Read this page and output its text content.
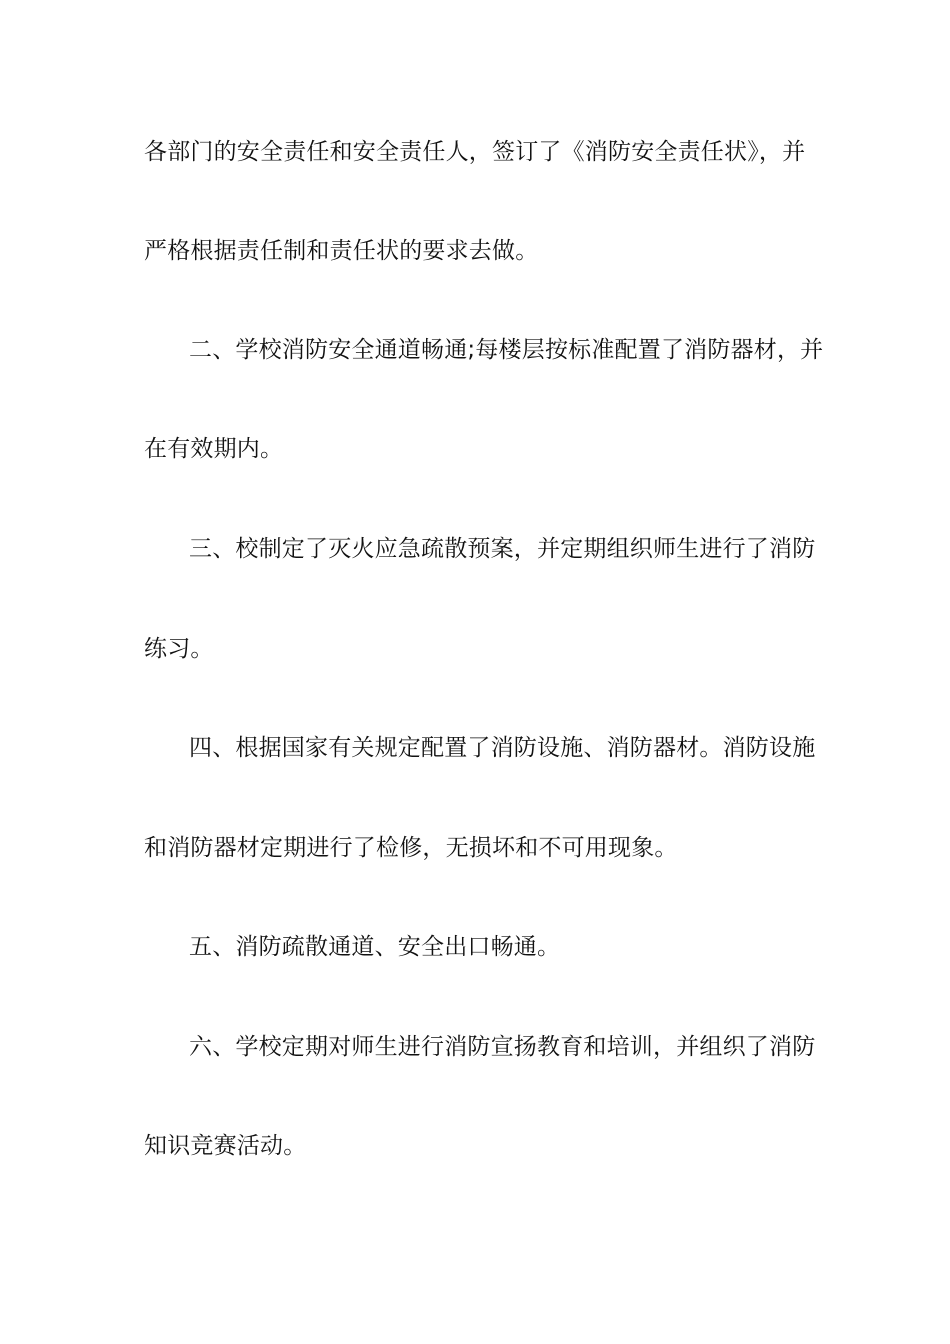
各部门的安全责任和安全责任人，签订了《消防安全责任状》，并
严格根据责任制和责任状的要求去做。
二、学校消防安全通道畅通;每楼层按标准配置了消防器材，并
在有效期内。
三、校制定了灭火应急疏散预案，并定期组织师生进行了消防
练习。
四、根据国家有关规定配置了消防设施、消防器材。消防设施
和消防器材定期进行了检修，无损坏和不可用现象。
五、消防疏散通道、安全出口畅通。
六、学校定期对师生进行消防宣扬教育和培训，并组织了消防
知识竞赛活动。
